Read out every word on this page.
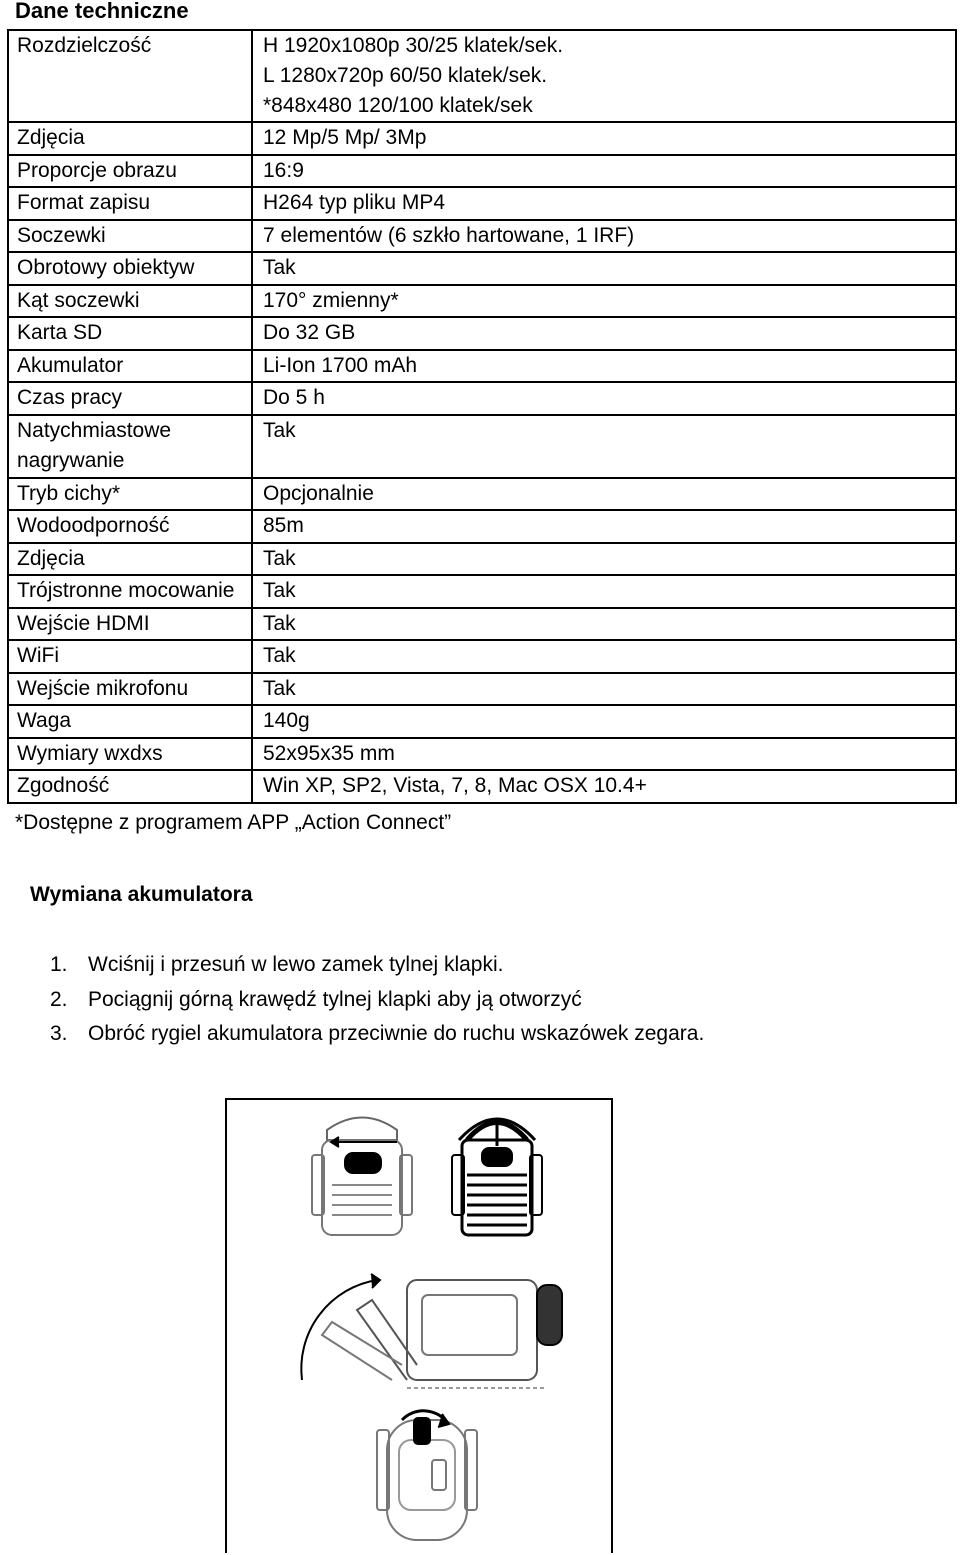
Dane techniczne
Rozdzielczość	H 1920x1080p 30/25 klatek/sek.
L 1280x720p 60/50 klatek/sek.
*848x480 120/100 klatek/sek

Zdjęcia	12 Mp/5 Mp/ 3Mp
Proporcje obrazu	16:9
Format zapisu	H264 typ pliku MP4
Soczewki	7 elementów (6 szkło hartowane, 1 IRF)
Obrotowy obiektyw	Tak
Kąt soczewki	170° zmienny*
Karta SD	Do 32 GB
Akumulator	Li-Ion 1700 mAh
Czas pracy	Do 5 h
Natychmiastowe nagrywanie	Tak
Tryb cichy*	Opcjonalnie
Wodoodporność	85m
Zdjęcia	Tak
Trójstronne mocowanie	Tak
Wejście HDMI	Tak
WiFi	Tak
Wejście mikrofonu	Tak
Waga	140g
Wymiary wxdxs	52x95x35 mm
Zgodność	Win XP, SP2, Vista, 7, 8, Mac OSX 10.4+
*Dostępne z programem APP „Action Connect”
Wymiana akumulatora
1. Wciśnij i przesuń w lewo zamek tylnej klapki.
2. Pociągnij górną krawędź tylnej klapki aby ją otworzyć
3. Obróć rygiel akumulatora przeciwnie do ruchu wskazówek zegara.
